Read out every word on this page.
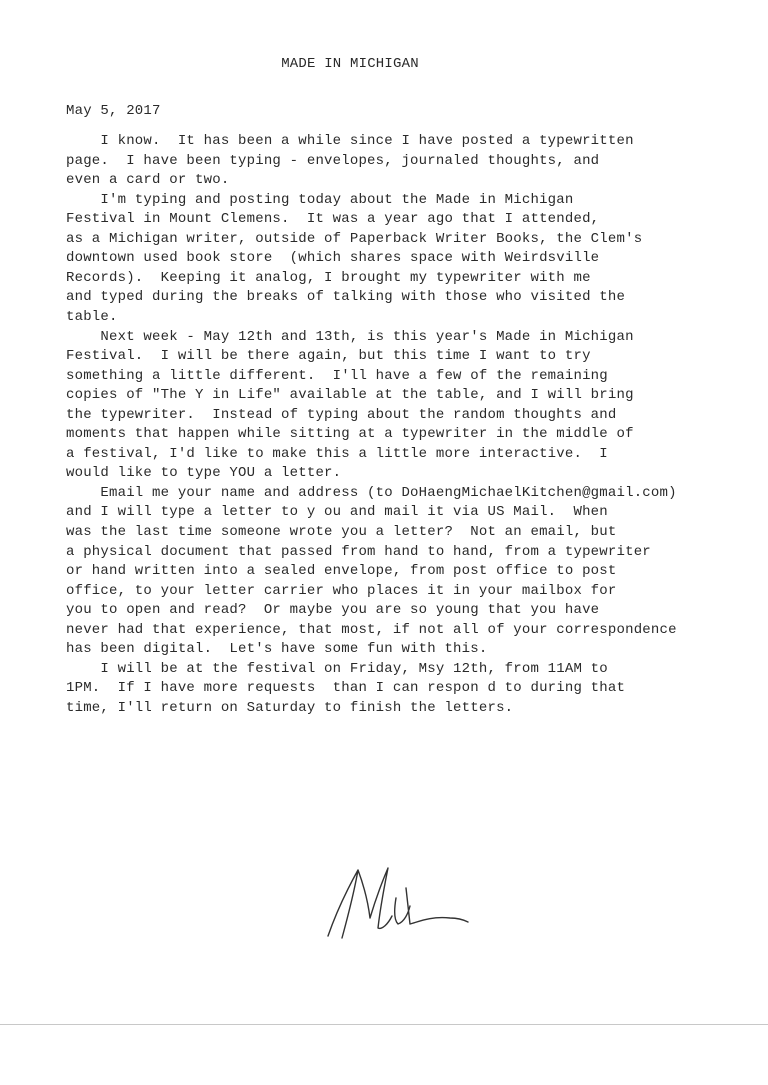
MADE IN MICHIGAN
May 5, 2017
I know.  It has been a while since I have posted a typewritten
page.  I have been typing - envelopes, journaled thoughts, and
even a card or two.
I'm typing and posting today about the Made in Michigan
Festival in Mount Clemens.  It was a year ago that I attended,
as a Michigan writer, outside of Paperback Writer Books, the Clem's
downtown used book store  (which shares space with Weirdsville
Records).  Keeping it analog, I brought my typewriter with me
and typed during the breaks of talking with those who visited the
table.
Next week - May 12th and 13th, is this year's Made in Michigan
Festival.  I will be there again, but this time I want to try
something a little different.  I'll have a few of the remaining
copies of "The Y in Life" available at the table, and I will bring
the typewriter.  Instead of typing about the random thoughts and
moments that happen while sitting at a typewriter in the middle of
a festival, I'd like to make this a little more interactive.  I
would like to type YOU a letter.
Email me your name and address (to DoHaengMichaelKitchen@gmail.com)
and I will type a letter to y ou and mail it via US Mail.  When
was the last time someone wrote you a letter?  Not an email, but
a physical document that passed from hand to hand, from a typewriter
or hand written into a sealed envelope, from post office to post
office, to your letter carrier who places it in your mailbox for
you to open and read?  Or maybe you are so young that you have
never had that experience, that most, if not all of your correspondence
has been digital.  Let's have some fun with this.
I will be at the festival on Friday, Msy 12th, from 11AM to
1PM.  If I have more requests  than I can respon d to during that
time, I'll return on Saturday to finish the letters.
